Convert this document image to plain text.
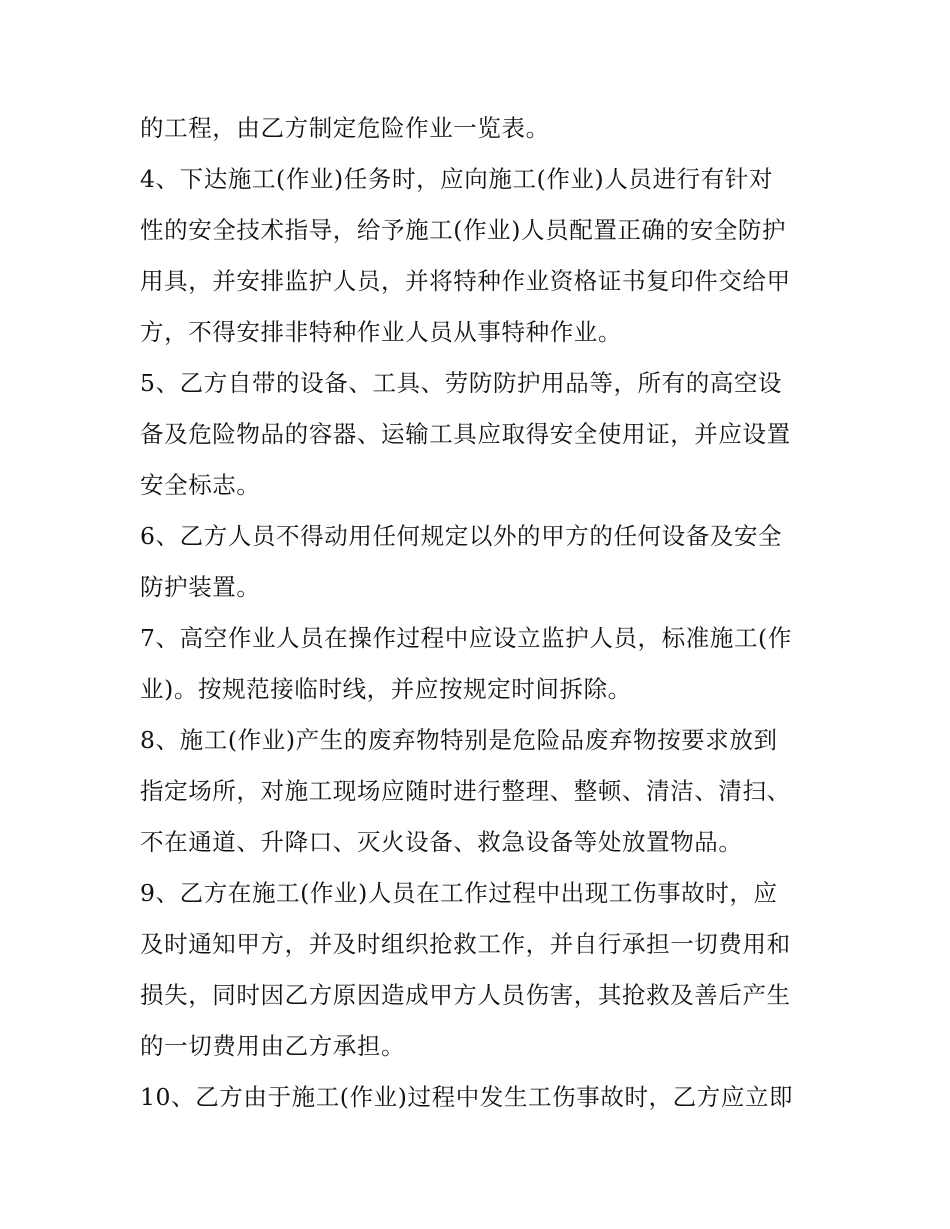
的工程，由乙方制定危险作业一览表。
4、下达施工(作业)任务时，应向施工(作业)人员进行有针对
性的安全技术指导，给予施工(作业)人员配置正确的安全防护
用具，并安排监护人员，并将特种作业资格证书复印件交给甲
方，不得安排非特种作业人员从事特种作业。
5、乙方自带的设备、工具、劳防防护用品等，所有的高空设
备及危险物品的容器、运输工具应取得安全使用证，并应设置
安全标志。
6、乙方人员不得动用任何规定以外的甲方的任何设备及安全
防护装置。
7、高空作业人员在操作过程中应设立监护人员，标准施工(作
业)。按规范接临时线，并应按规定时间拆除。
8、施工(作业)产生的废弃物特别是危险品废弃物按要求放到
指定场所，对施工现场应随时进行整理、整顿、清洁、清扫、
不在通道、升降口、灭火设备、救急设备等处放置物品。
9、乙方在施工(作业)人员在工作过程中出现工伤事故时，应
及时通知甲方，并及时组织抢救工作，并自行承担一切费用和
损失，同时因乙方原因造成甲方人员伤害，其抢救及善后产生
的一切费用由乙方承担。
10、乙方由于施工(作业)过程中发生工伤事故时，乙方应立即
